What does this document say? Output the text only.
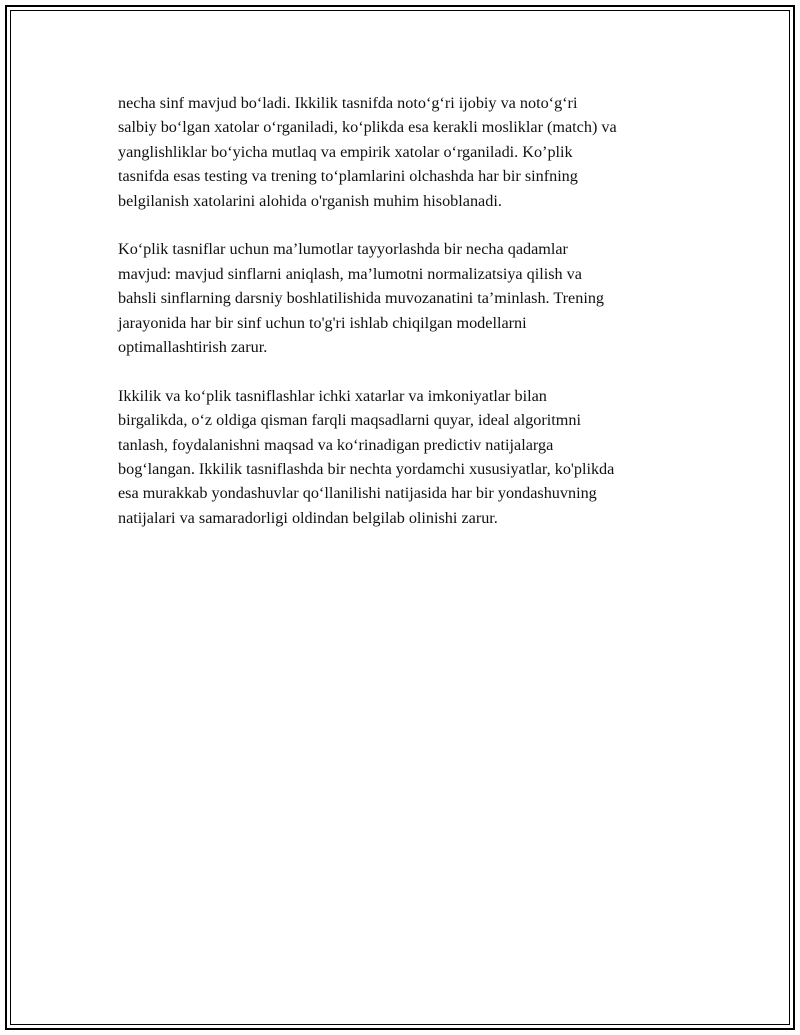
necha sinf mavjud boʻladi. Ikkilik tasnifda notoʻgʻri ijobiy va notoʻgʻri
salbiy boʻlgan xatolar oʻrganiladi, koʻplikda esa kerakli mosliklar (match) va
yanglishliklar boʻyicha mutlaq va empirik xatolar oʻrganiladi. Koʼplik
tasnifda esas testing va trening toʻplamlarini olchashda har bir sinfning
belgilanish xatolarini alohida o'rganish muhim hisoblanadi.

Koʻplik tasniflar uchun maʼlumotlar tayyorlashda bir necha qadamlar
mavjud: mavjud sinflarni aniqlash, maʼlumotni normalizatsiya qilish va
bahsli sinflarning darsniy boshlatilishida muvozanatini taʼminlash. Trening
jarayonida har bir sinf uchun to'g'ri ishlab chiqilgan modellarni
optimallashtirish zarur.

Ikkilik va koʻplik tasniflashlar ichki xatarlar va imkoniyatlar bilan
birgalikda, oʻz oldiga qisman farqli maqsadlarni quyar, ideal algoritmni
tanlash, foydalanishni maqsad va koʻrinadigan predictiv natijalarga
bogʻlangan. Ikkilik tasniflashda bir nechta yordamchi xususiyatlar, ko'plikda
esa murakkab yondashuvlar qoʻllanilishi natijasida har bir yondashuvning
natijalari va samaradorligi oldindan belgilab olinishi zarur.
